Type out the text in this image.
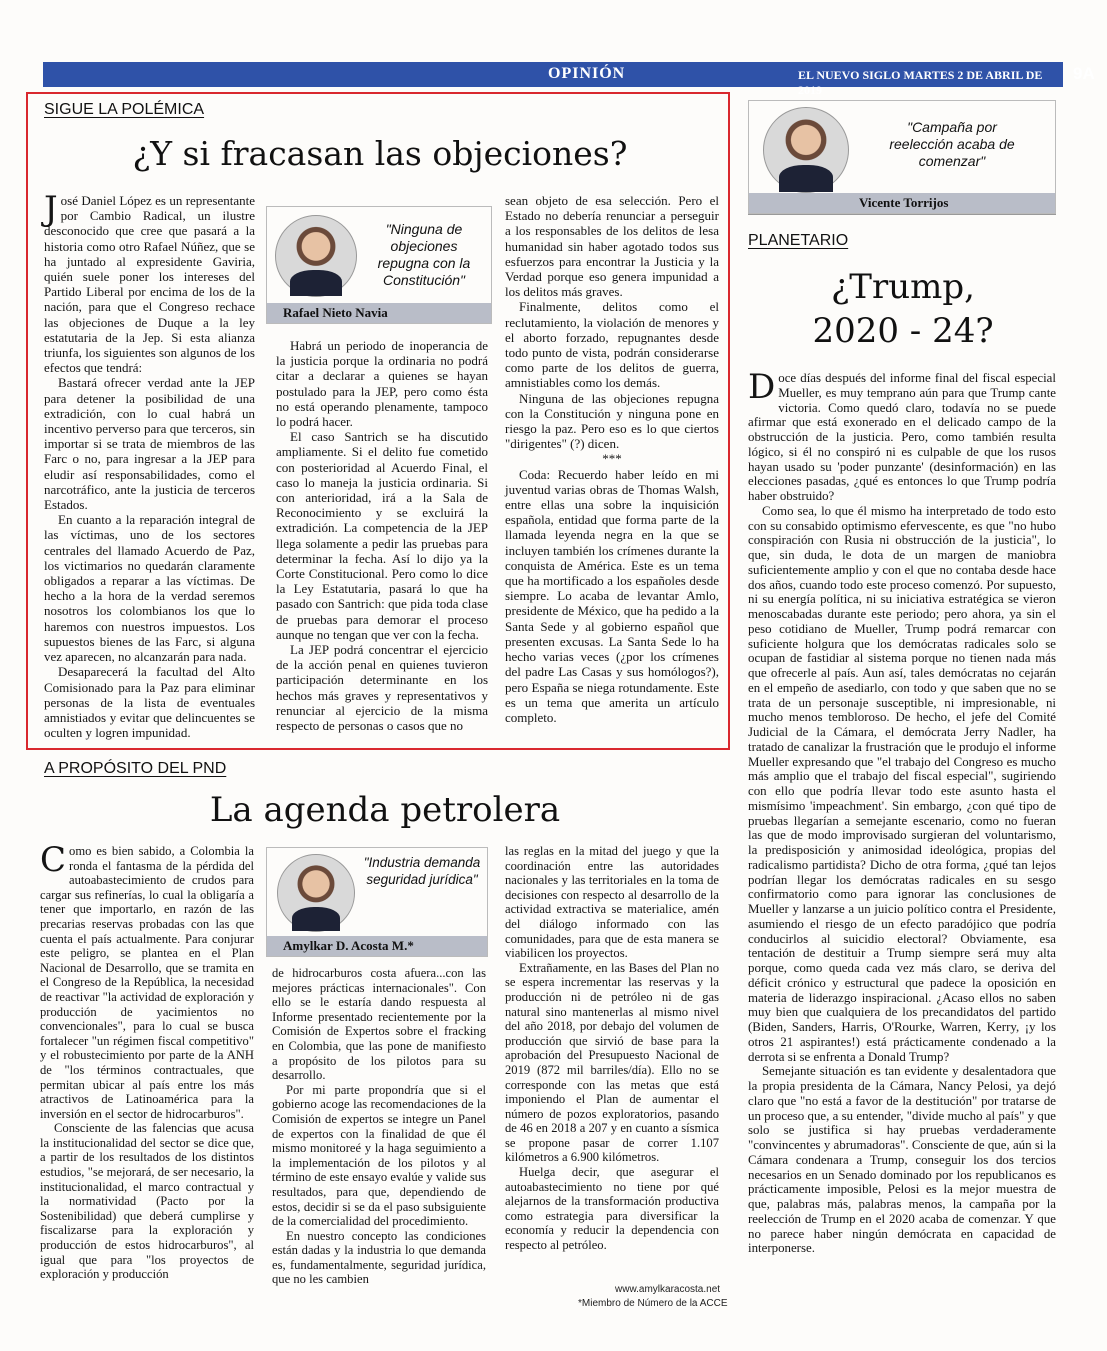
OPINIÓN	EL NUEVO SIGLO MARTES 2 DE ABRIL DE 2019
9A
SIGUE LA POLÉMICA
¿Y si fracasan las objeciones?

José Daniel López es un representante por Cambio Radical, un ilustre desconocido que cree que pasará a la historia como otro Rafael Núñez, que se ha juntado al expresidente Gaviria, quién suele poner los intereses del Partido Liberal por encima de los de la nación, para que el Congreso rechace las objeciones de Duque a la ley estatutaria de la Jep. Si esta alianza triunfa, los siguientes son algunos de los efectos que tendrá:

Bastará ofrecer verdad ante la JEP para detener la posibilidad de una extradición, con lo cual habrá un incentivo perverso para que terceros, sin importar si se trata de miembros de las Farc o no, para ingresar a la JEP para eludir así responsabilidades, como el narcotráfico, ante la justicia de terceros Estados.

En cuanto a la reparación integral de las víctimas, uno de los sectores centrales del llamado Acuerdo de Paz, los victimarios no quedarán claramente obligados a reparar a las víctimas. De hecho a la hora de la verdad seremos nosotros los colombianos los que lo haremos con nuestros impuestos. Los supuestos bienes de las Farc, si alguna vez aparecen, no alcanzarán para nada.

Desaparecerá la facultad del Alto Comisionado para la Paz para eliminar personas de la lista de eventuales amnistiados y evitar que delincuentes se oculten y logren impunidad.

"Ninguna de objeciones repugna con la Constitución"
Rafael Nieto Navia

Habrá un periodo de inoperancia de la justicia porque la ordinaria no podrá citar a declarar a quienes se hayan postulado para la JEP, pero como ésta no está operando plenamente, tampoco lo podrá hacer.

El caso Santrich se ha discutido ampliamente. Si el delito fue cometido con posterioridad al Acuerdo Final, el caso lo maneja la justicia ordinaria. Si con anterioridad, irá a la Sala de Reconocimiento y se excluirá la extradición. La competencia de la JEP llega solamente a pedir las pruebas para determinar la fecha. Así lo dijo ya la Corte Constitucional. Pero como lo dice la Ley Estatutaria, pasará lo que ha pasado con Santrich: que pida toda clase de pruebas para demorar el proceso aunque no tengan que ver con la fecha.

La JEP podrá concentrar el ejercicio de la acción penal en quienes tuvieron participación determinante en los hechos más graves y representativos y renunciar al ejercicio de la misma respecto de personas o casos que no

sean objeto de esa selección. Pero el Estado no debería renunciar a perseguir a los responsables de los delitos de lesa humanidad sin haber agotado todos sus esfuerzos para encontrar la Justicia y la Verdad porque eso genera impunidad a los delitos más graves.

Finalmente, delitos como el reclutamiento, la violación de menores y el aborto forzado, repugnantes desde todo punto de vista, podrán considerarse como parte de los delitos de guerra, amnistiables como los demás.

Ninguna de las objeciones repugna con la Constitución y ninguna pone en riesgo la paz. Pero eso es lo que ciertos "dirigentes" (?) dicen.

***

Coda: Recuerdo haber leído en mi juventud varias obras de Thomas Walsh, entre ellas una sobre la inquisición española, entidad que forma parte de la llamada leyenda negra en la que se incluyen también los crímenes durante la conquista de América. Este es un tema que ha mortificado a los españoles desde siempre. Lo acaba de levantar Amlo, presidente de México, que ha pedido a la Santa Sede y al gobierno español que presenten excusas. La Santa Sede lo ha hecho varias veces (¿por los crímenes del padre Las Casas y sus homólogos?), pero España se niega rotundamente. Este es un tema que amerita un artículo completo.

A PROPÓSITO DEL PND
La agenda petrolera

Como es bien sabido, a Colombia la ronda el fantasma de la pérdida del autoabastecimiento de crudos para cargar sus refinerías, lo cual la obligaría a tener que importarlo, en razón de las precarias reservas probadas con las que cuenta el país actualmente. Para conjurar este peligro, se plantea en el Plan Nacional de Desarrollo, que se tramita en el Congreso de la República, la necesidad de reactivar "la actividad de exploración y producción de yacimientos no convencionales", para lo cual se busca fortalecer "un régimen fiscal competitivo" y el robustecimiento por parte de la ANH de "los términos contractuales, que permitan ubicar al país entre los más atractivos de Latinoamérica para la inversión en el sector de hidrocarburos".

Consciente de las falencias que acusa la institucionalidad del sector se dice que, a partir de los resultados de los distintos estudios, "se mejorará, de ser necesario, la institucionalidad, el marco contractual y la normatividad (Pacto por la Sostenibilidad) que deberá cumplirse y fiscalizarse para la exploración y producción de estos hidrocarburos", al igual que para "los proyectos de exploración y producción

"Industria demanda seguridad jurídica"
Amylkar D. Acosta M.*

de hidrocarburos costa afuera...con las mejores prácticas internacionales". Con ello se le estaría dando respuesta al Informe presentado recientemente por la Comisión de Expertos sobre el fracking en Colombia, que las pone de manifiesto a propósito de los pilotos para su desarrollo.

Por mi parte propondría que si el gobierno acoge las recomendaciones de la Comisión de expertos se integre un Panel de expertos con la finalidad de que él mismo monitoreé y la haga seguimiento a la implementación de los pilotos y al término de este ensayo evalúe y valide sus resultados, para que, dependiendo de estos, decidir si se da el paso subsiguiente de la comercialidad del procedimiento.

En nuestro concepto las condiciones están dadas y la industria lo que demanda es, fundamentalmente, seguridad jurídica, que no les cambien

las reglas en la mitad del juego y que la coordinación entre las autoridades nacionales y las territoriales en la toma de decisiones con respecto al desarrollo de la actividad extractiva se materialice, amén del diálogo informado con las comunidades, para que de esta manera se viabilicen los proyectos.

Extrañamente, en las Bases del Plan no se espera incrementar las reservas y la producción ni de petróleo ni de gas natural sino mantenerlas al mismo nivel del año 2018, por debajo del volumen de producción que sirvió de base para la aprobación del Presupuesto Nacional de 2019 (872 mil barriles/día). Ello no se corresponde con las metas que está imponiendo el Plan de aumentar el número de pozos exploratorios, pasando de 46 en 2018 a 207 y en cuanto a sísmica se propone pasar de correr 1.107 kilómetros a 6.900 kilómetros.

Huelga decir, que asegurar el autoabastecimiento no tiene por qué alejarnos de la transformación productiva como estrategia para diversificar la economía y reducir la dependencia con respecto al petróleo.

www.amylkaracosta.net
*Miembro de Número de la ACCE
"Campaña por reelección acaba de comenzar"
Vicente Torrijos
PLANETARIO
¿Trump,
2020 - 24?

Doce días después del informe final del fiscal especial Mueller, es muy temprano aún para que Trump cante victoria. Como quedó claro, todavía no se puede afirmar que está exonerado en el delicado campo de la obstrucción de la justicia. Pero, como también resulta lógico, si él no conspiró ni es culpable de que los rusos hayan usado su 'poder punzante' (desinformación) en las elecciones pasadas, ¿qué es entonces lo que Trump podría haber obstruido?

Como sea, lo que él mismo ha interpretado de todo esto con su consabido optimismo efervescente, es que "no hubo conspiración con Rusia ni obstrucción de la justicia", lo que, sin duda, le dota de un margen de maniobra suficientemente amplio y con el que no contaba desde hace dos años, cuando todo este proceso comenzó. Por supuesto, ni su energía política, ni su iniciativa estratégica se vieron menoscabadas durante este periodo; pero ahora, ya sin el peso cotidiano de Mueller, Trump podrá remarcar con suficiente holgura que los demócratas radicales solo se ocupan de fastidiar al sistema porque no tienen nada más que ofrecerle al país. Aun así, tales demócratas no cejarán en el empeño de asediarlo, con todo y que saben que no se trata de un personaje susceptible, ni impresionable, ni mucho menos tembloroso. De hecho, el jefe del Comité Judicial de la Cámara, el demócrata Jerry Nadler, ha tratado de canalizar la frustración que le produjo el informe Mueller expresando que "el trabajo del Congreso es mucho más amplio que el trabajo del fiscal especial", sugiriendo con ello que podría llevar todo este asunto hasta el mismísimo 'impeachment'. Sin embargo, ¿con qué tipo de pruebas llegarían a semejante escenario, como no fueran las que de modo improvisado surgieran del voluntarismo, la predisposición y animosidad ideológica, propias del radicalismo partidista? Dicho de otra forma, ¿qué tan lejos podrían llegar los demócratas radicales en su sesgo confirmatorio como para ignorar las conclusiones de Mueller y lanzarse a un juicio político contra el Presidente, asumiendo el riesgo de un efecto paradójico que podría conducirlos al suicidio electoral? Obviamente, esa tentación de destituir a Trump siempre será muy alta porque, como queda cada vez más claro, se deriva del déficit crónico y estructural que padece la oposición en materia de liderazgo inspiracional. ¿Acaso ellos no saben muy bien que cualquiera de los precandidatos del partido (Biden, Sanders, Harris, O'Rourke, Warren, Kerry, ¡y los otros 21 aspirantes!) está prácticamente condenado a la derrota si se enfrenta a Donald Trump?

Semejante situación es tan evidente y desalentadora que la propia presidenta de la Cámara, Nancy Pelosi, ya dejó claro que "no está a favor de la destitución" por tratarse de un proceso que, a su entender, "divide mucho al país" y que solo se justifica si hay pruebas verdaderamente "convincentes y abrumadoras". Consciente de que, aún si la Cámara condenara a Trump, conseguir los dos tercios necesarios en un Senado dominado por los republicanos es prácticamente imposible, Pelosi es la mejor muestra de que, palabras más, palabras menos, la campaña por la reelección de Trump en el 2020 acaba de comenzar. Y que no parece haber ningún demócrata en capacidad de interponerse.
